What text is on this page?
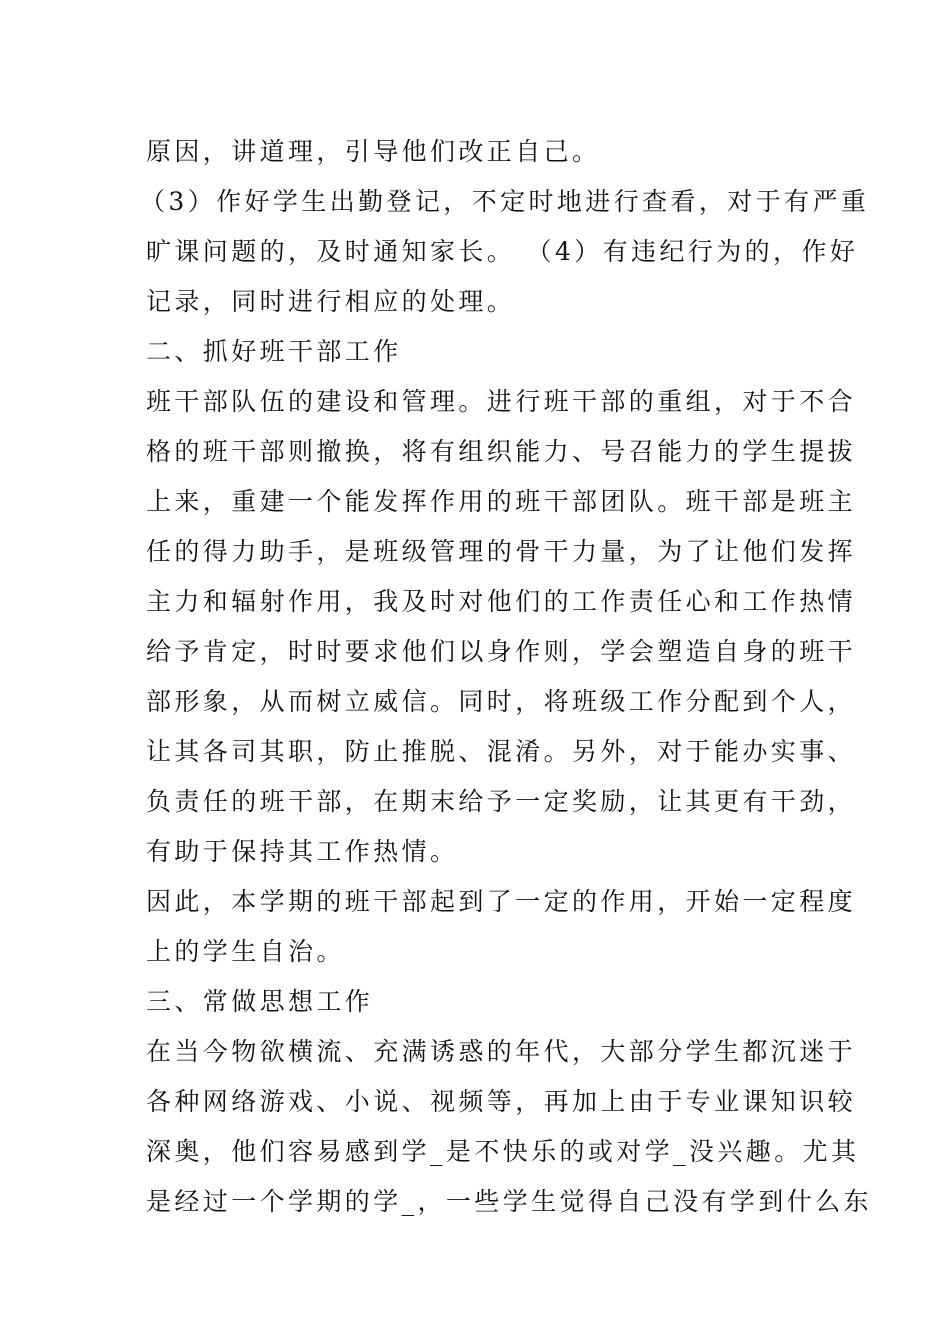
原因，讲道理，引导他们改正自己。
（3）作好学生出勤登记，不定时地进行查看，对于有严重
旷课问题的，及时通知家长。 （4）有违纪行为的，作好
记录，同时进行相应的处理。
二、抓好班干部工作
班干部队伍的建设和管理。进行班干部的重组，对于不合
格的班干部则撤换，将有组织能力、号召能力的学生提拔
上来，重建一个能发挥作用的班干部团队。班干部是班主
任的得力助手，是班级管理的骨干力量，为了让他们发挥
主力和辐射作用，我及时对他们的工作责任心和工作热情
给予肯定，时时要求他们以身作则，学会塑造自身的班干
部形象，从而树立威信。同时，将班级工作分配到个人，
让其各司其职，防止推脱、混淆。另外，对于能办实事、
负责任的班干部，在期末给予一定奖励，让其更有干劲，
有助于保持其工作热情。
因此，本学期的班干部起到了一定的作用，开始一定程度
上的学生自治。
三、常做思想工作
在当今物欲横流、充满诱惑的年代，大部分学生都沉迷于
各种网络游戏、小说、视频等，再加上由于专业课知识较
深奥，他们容易感到学_是不快乐的或对学_没兴趣。尤其
是经过一个学期的学_，一些学生觉得自己没有学到什么东
